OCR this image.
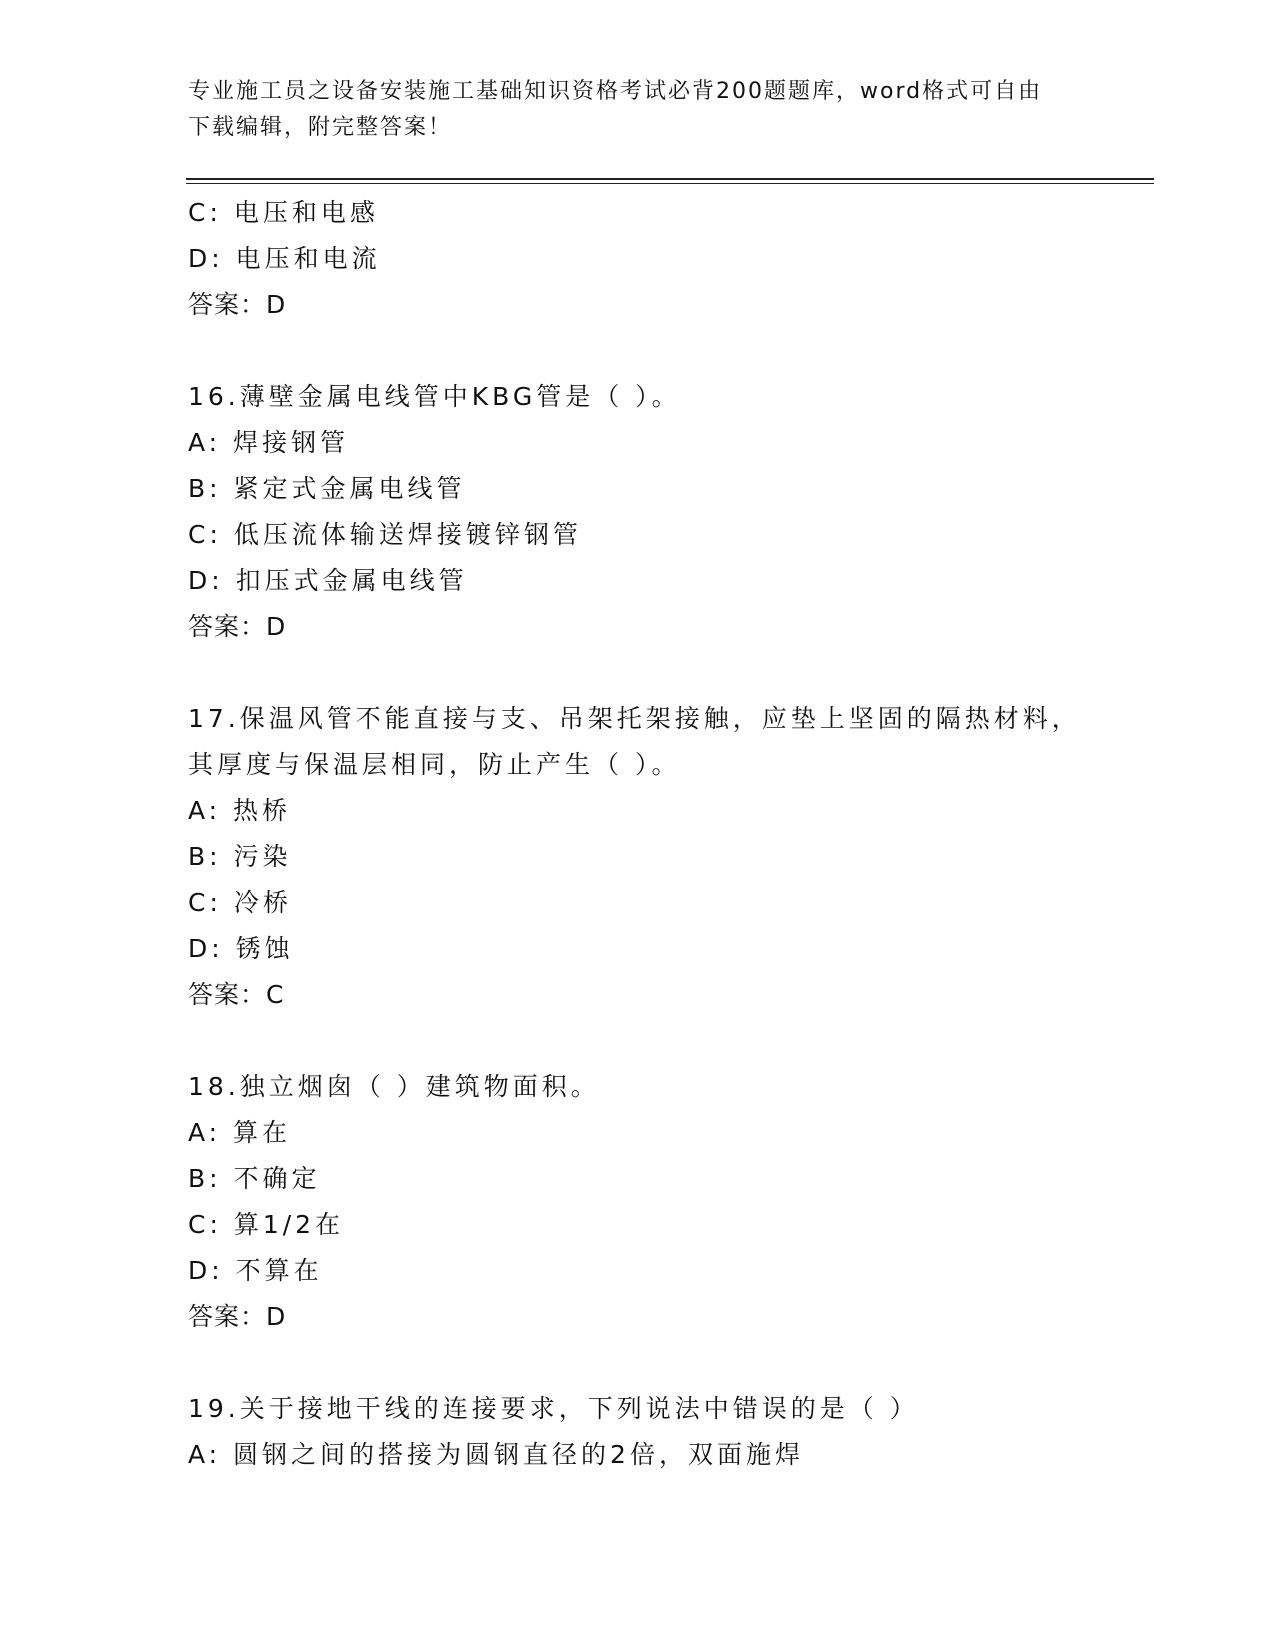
专业施工员之设备安装施工基础知识资格考试必背200题题库，word格式可自由
下载编辑，附完整答案！
C: 电压和电感
D: 电压和电流
答案：D
16.薄壁金属电线管中KBG管是（ ）。
A: 焊接钢管
B: 紧定式金属电线管
C: 低压流体输送焊接镀锌钢管
D: 扣压式金属电线管
答案：D
17.保温风管不能直接与支、吊架托架接触，应垫上坚固的隔热材料，
其厚度与保温层相同，防止产生（ ）。
A: 热桥
B: 污染
C: 冷桥
D: 锈蚀
答案：C
18.独立烟囱（ ）建筑物面积。
A: 算在
B: 不确定
C: 算1/2在
D: 不算在
答案：D
19.关于接地干线的连接要求，下列说法中错误的是（ ）
A: 圆钢之间的搭接为圆钢直径的2倍，双面施焊
